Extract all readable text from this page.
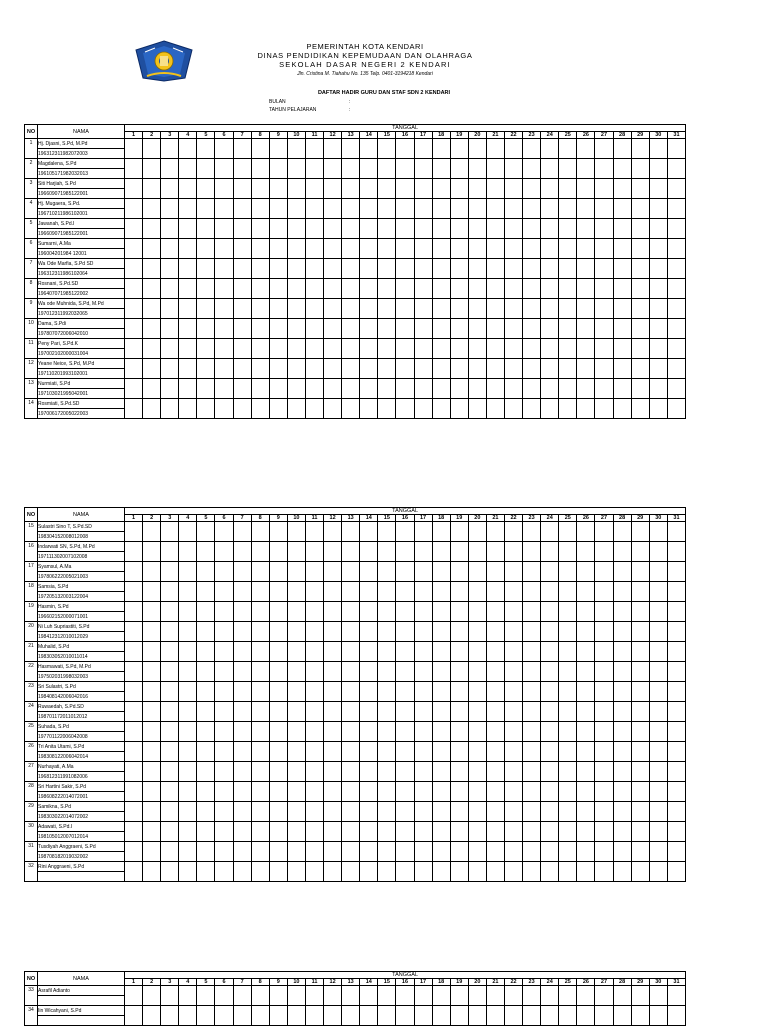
PEMERINTAH KOTA KENDARI
DINAS PENDIDIKAN KEPEMUDAAN DAN OLAHRAGA
SEKOLAH DASAR NEGERI 2 KENDARI
Jln. Cristina M. Tiahahu No. 135 Telp. 0401-3194218 Kendari
DAFTAR HADIR GURU DAN STAF SDN 2 KENDARI
BULAN	:
TAHUN PELAJARAN	:
NO	NAMA	TANGGAL																														
		1	2	3	4	5	6	7	8	9	10	11	12	13	14	15	16	17	18	19	20	21	22	23	24	25	26	27	28	29	30	31
1	Hj. Djasni, S.Pd, M.Pd																															
	196312311982072003																															
2	Magdalena, S.Pd																															
	196105171982032013																															
3	Siti Harjiah, S.Pd																															
	196609071985122001																															
4	Hj. Mugaera, S.Pd.																															
	196710211986102001																															
5	Jawanah, S.Pd.I																															
	196609071985122001																															
6	Sumarni, A.Ma																															
	196004201984 12001																															
7	Wa Ode Marfia, S.Pd SD																															
	196312311986102064																															
8	Rosnani, S.Pd.SD																															
	196407071985122002																															
9	Wa ode Muhnida, S.Pd, M.Pd																															
	197012311992032065																															
10	Dama, S.Pdi																															
	197807072006042010																															
11	Peny Pari, S.Pd.K																															
	197002102000031004																															
12	Yeane Neice, S.Pd, M.Pd																															
	197110201993102001																															
13	Nurmiati, S.Pd																															
	197103021995042001																															
14	Rosmiati, S.Pd.SD																															
	197006172005022003																															
NO	NAMA	TANGGAL																														
		1	2	3	4	5	6	7	8	9	10	11	12	13	14	15	16	17	18	19	20	21	22	23	24	25	26	27	28	29	30	31
15	Sulastri Sino T, S.Pd.SD																															
	198304152008012008																															
16	Indarwati SN, S.Pd, M.Pd																															
	197111302007102008																															
17	Syamsul, A.Ma																															
	197806222005021003																															
18	Samsia, S.Pd																															
	197205132003122004																															
19	Hasmin, S.Pd																															
	196602152000071001																															
20	Ni Luh Supriastiti, S.Pd																															
	198412312010012029																															
21	Muhalid, S.Pd																															
	198303052010011014																															
22	Hasmawati, S.Pd, M.Pd																															
	197502031998032003																															
23	Sri Sulastri, S.Pd																															
	198408142006042016																															
24	Ruwaedah, S.Pd.SD																															
	198701172011012012																															
25	Suhada, S.Pd																															
	197701122006042008																															
26	Tri Anita Utami, S.Pd																															
	198308122006042014																															
27	Nurhayati, A.Ma																															
	196812311991082006																															
28	Sri Hartini Sakir, S.Pd																															
	198608222014072001																															
29	Samikna, S.Pd																															
	198303022014072002																															
30	Adawati, S.Pd.I																															
	198105012007012014																															
31	Tusdiyah Anggraeni, S.Pd																															
	198708182019032002																															
32	Rini Anggraeni, S.Pd																															

NO	NAMA	TANGGAL																														
		1	2	3	4	5	6	7	8	9	10	11	12	13	14	15	16	17	18	19	20	21	22	23	24	25	26	27	28	29	30	31
33	Asrafil Adianto																															

34	Iin Wicahyani, S.Pd																															
